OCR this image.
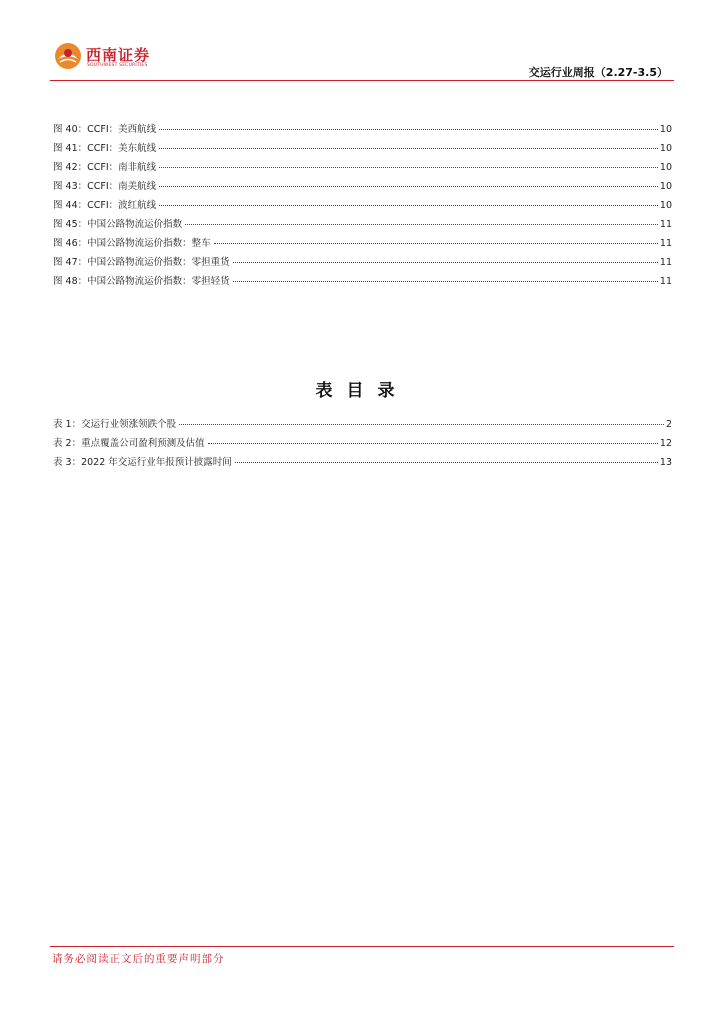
西南证券
SOUTHWEST SECURITIES
交运行业周报（2.27-3.5）
图 40：CCFI：美西航线	10
图 41：CCFI：美东航线	10
图 42：CCFI：南非航线	10
图 43：CCFI：南美航线	10
图 44：CCFI：波红航线	10
图 45：中国公路物流运价指数	11
图 46：中国公路物流运价指数：整车	11
图 47：中国公路物流运价指数：零担重货	11
图 48：中国公路物流运价指数：零担轻货	11
表目录
表 1：交运行业领涨领跌个股	2
表 2：重点覆盖公司盈利预测及估值	12
表 3：2022 年交运行业年报预计披露时间	13
请务必阅读正文后的重要声明部分
